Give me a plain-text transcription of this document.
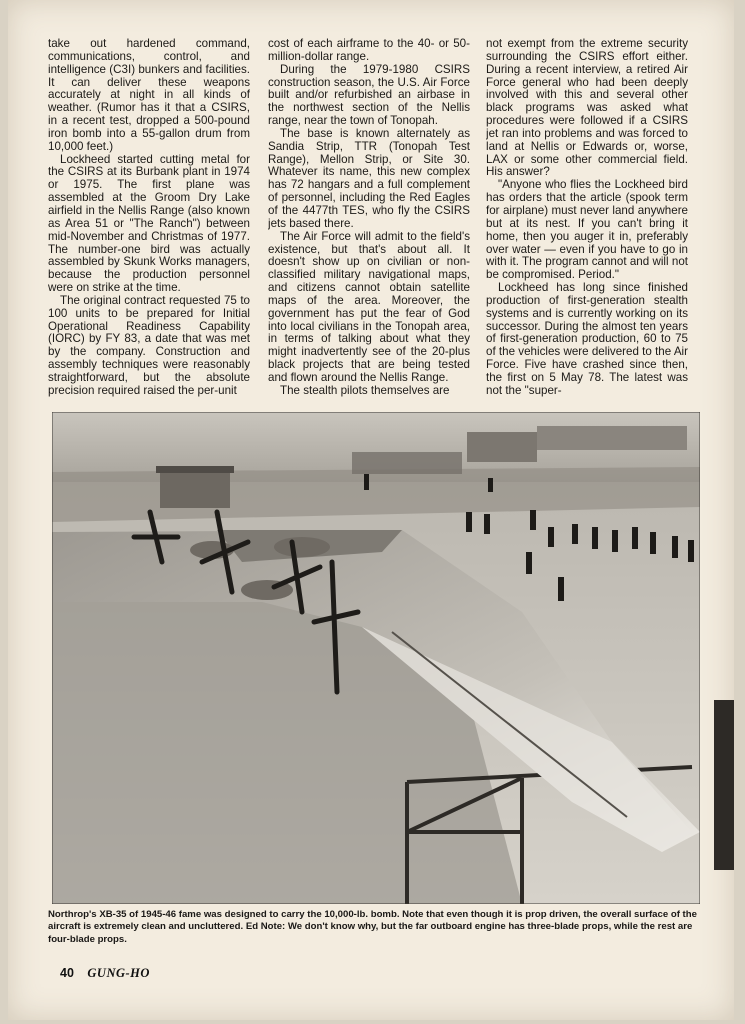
take out hardened command, communications, control, and intelligence (C3I) bunkers and facilities. It can deliver these weapons accurately at night in all kinds of weather. (Rumor has it that a CSIRS, in a recent test, dropped a 500-pound iron bomb into a 55-gallon drum from 10,000 feet.)

Lockheed started cutting metal for the CSIRS at its Burbank plant in 1974 or 1975. The first plane was assembled at the Groom Dry Lake airfield in the Nellis Range (also known as Area 51 or "The Ranch") between mid-November and Christmas of 1977. The number-one bird was actually assembled by Skunk Works managers, because the production personnel were on strike at the time.

The original contract requested 75 to 100 units to be prepared for Initial Operational Readiness Capability (IORC) by FY 83, a date that was met by the company. Construction and assembly techniques were reasonably straightforward, but the absolute precision required raised the per-unit

cost of each airframe to the 40- or 50-million-dollar range.

During the 1979-1980 CSIRS construction season, the U.S. Air Force built and/or refurbished an airbase in the northwest section of the Nellis range, near the town of Tonopah.

The base is known alternately as Sandia Strip, TTR (Tonopah Test Range), Mellon Strip, or Site 30. Whatever its name, this new complex has 72 hangars and a full complement of personnel, including the Red Eagles of the 4477th TES, who fly the CSIRS jets based there.

The Air Force will admit to the field's existence, but that's about all. It doesn't show up on civilian or non-classified military navigational maps, and citizens cannot obtain satellite maps of the area. Moreover, the government has put the fear of God into local civilians in the Tonopah area, in terms of talking about what they might inadvertently see of the 20-plus black projects that are being tested and flown around the Nellis Range.

The stealth pilots themselves are

not exempt from the extreme security surrounding the CSIRS effort either. During a recent interview, a retired Air Force general who had been deeply involved with this and several other black programs was asked what procedures were followed if a CSIRS jet ran into problems and was forced to land at Nellis or Edwards or, worse, LAX or some other commercial field. His answer?

"Anyone who flies the Lockheed bird has orders that the article (spook term for airplane) must never land anywhere but at its nest. If you can't bring it home, then you auger it in, preferably over water — even if you have to go in with it. The program cannot and will not be compromised. Period."

Lockheed has long since finished production of first-generation stealth systems and is currently working on its successor. During the almost ten years of first-generation production, 60 to 75 of the vehicles were delivered to the Air Force. Five have crashed since then, the first on 5 May 78. The latest was not the "super-

Northrop's XB-35 of 1945-46 fame was designed to carry the 10,000-lb. bomb. Note that even though it is prop driven, the overall surface of the aircraft is extremely clean and uncluttered. Ed Note: We don't know why, but the far outboard engine has three-blade props, while the rest are four-blade props.
40 GUNG-HO
